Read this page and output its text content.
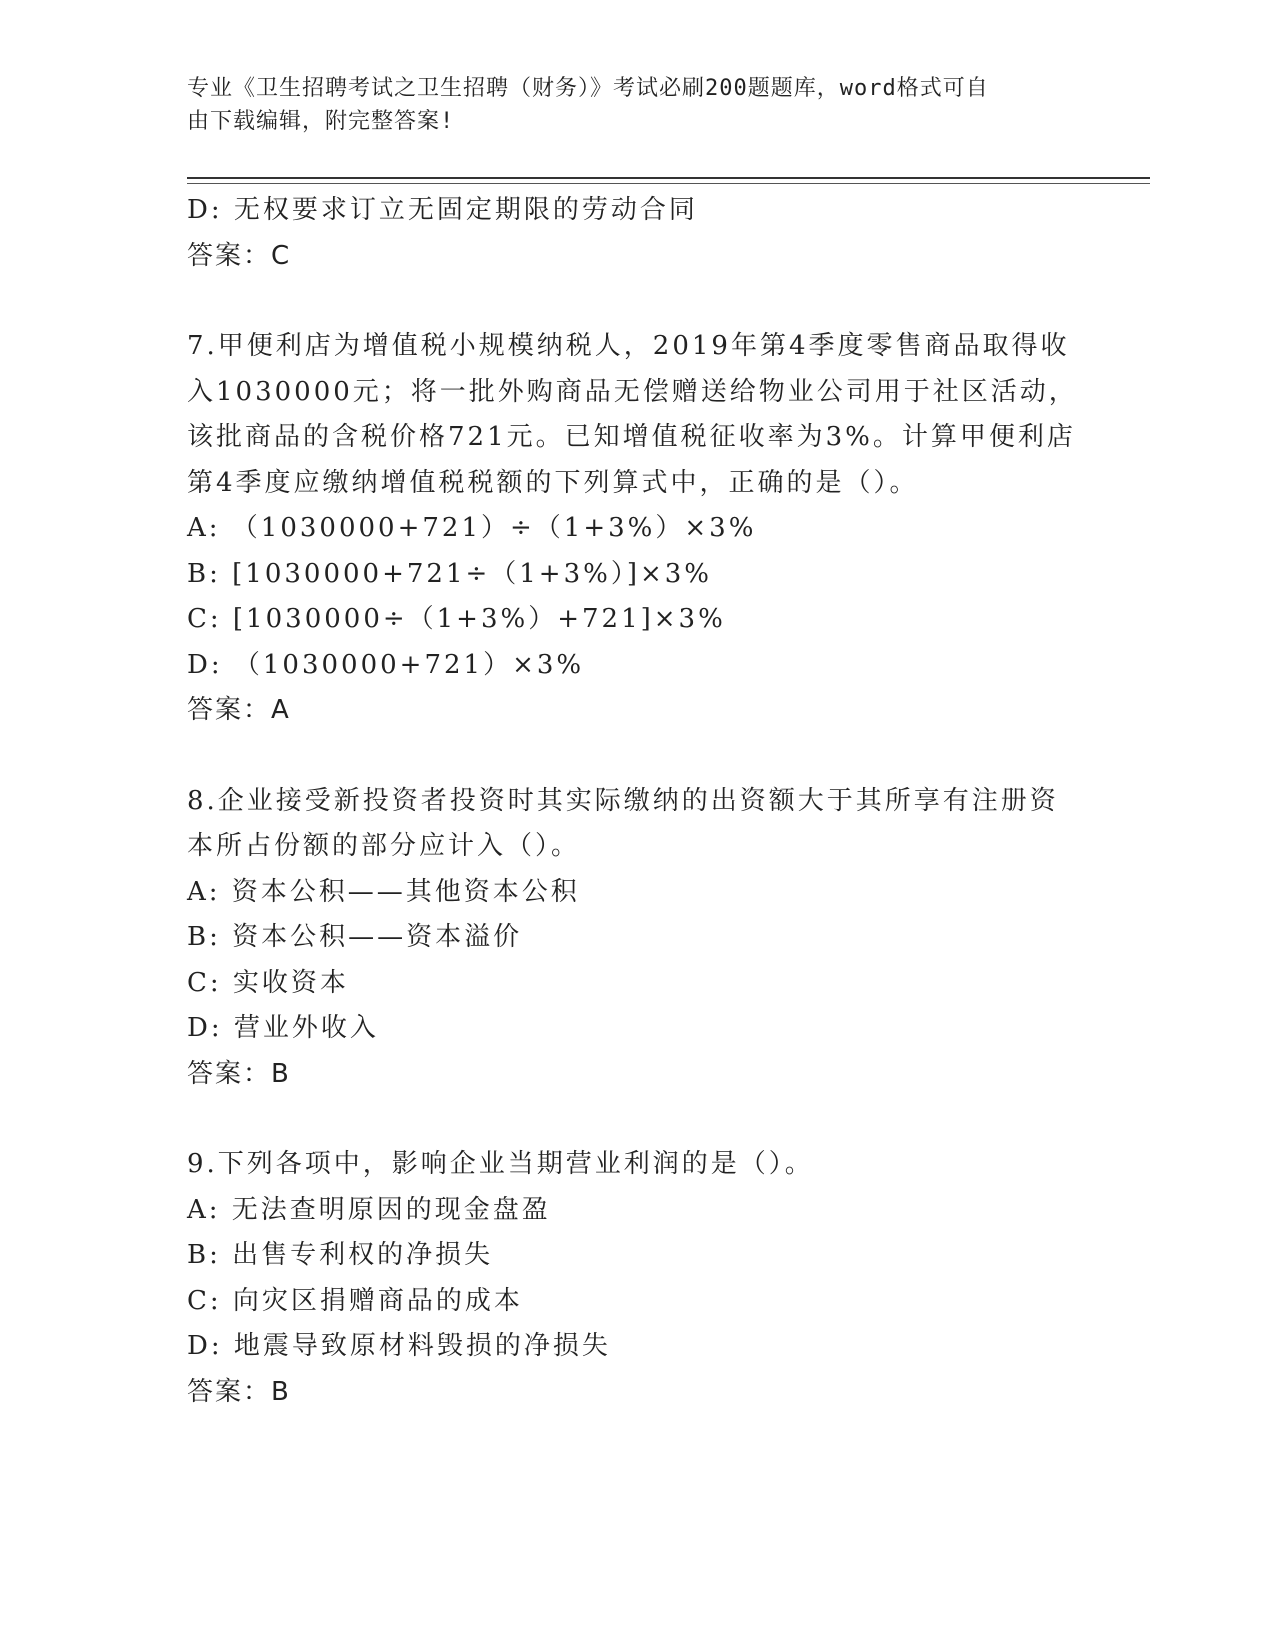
专业《卫生招聘考试之卫生招聘（财务）》考试必刷200题题库，word格式可自
由下载编辑，附完整答案!
D: 无权要求订立无固定期限的劳动合同
答案：C
7.甲便利店为增值税小规模纳税人，2019年第4季度零售商品取得收
入1030000元；将一批外购商品无偿赠送给物业公司用于社区活动，
该批商品的含税价格721元。已知增值税征收率为3%。计算甲便利店
第4季度应缴纳增值税税额的下列算式中，正确的是（）。
A: （1030000+721）÷（1+3%）×3%
B: [1030000+721÷（1+3%）]×3%
C: [1030000÷（1+3%）+721]×3%
D: （1030000+721）×3%
答案：A
8.企业接受新投资者投资时其实际缴纳的出资额大于其所享有注册资
本所占份额的部分应计入（）。
A: 资本公积——其他资本公积
B: 资本公积——资本溢价
C: 实收资本
D: 营业外收入
答案：B
9.下列各项中，影响企业当期营业利润的是（）。
A: 无法查明原因的现金盘盈
B: 出售专利权的净损失
C: 向灾区捐赠商品的成本
D: 地震导致原材料毁损的净损失
答案：B
